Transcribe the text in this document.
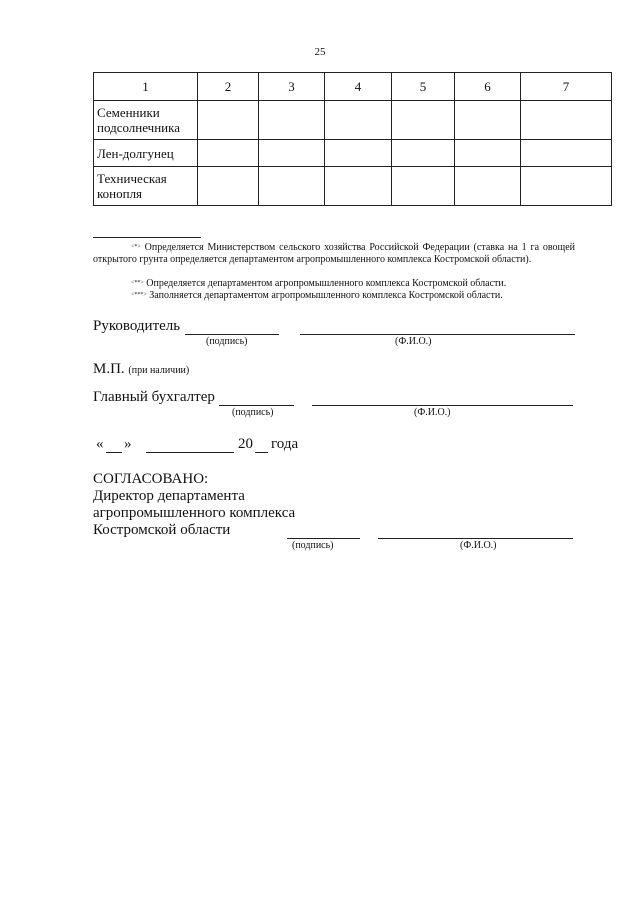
25
1	2	3	4	5	6	7
Семенники подсолнечника						
Лен-долгунец						
Техническая конопля						
<*> Определяется Министерством сельского хозяйства Российской Федерации (ставка на 1 га овощей открытого грунта определяется департаментом агропромышленного комплекса Костромской области).
<**> Определяется департаментом агропромышленного комплекса Костромской области.
<***> Заполняется департаментом агропромышленного комплекса Костромской области.
Руководитель
(подпись)	(Ф.И.О.)
М.П. (при наличии)
Главный бухгалтер
(подпись)	(Ф.И.О.)
« »	20 года
СОГЛАСОВАНО:
Директор департамента
агропромышленного комплекса
Костромской области
(подпись)	(Ф.И.О.)
